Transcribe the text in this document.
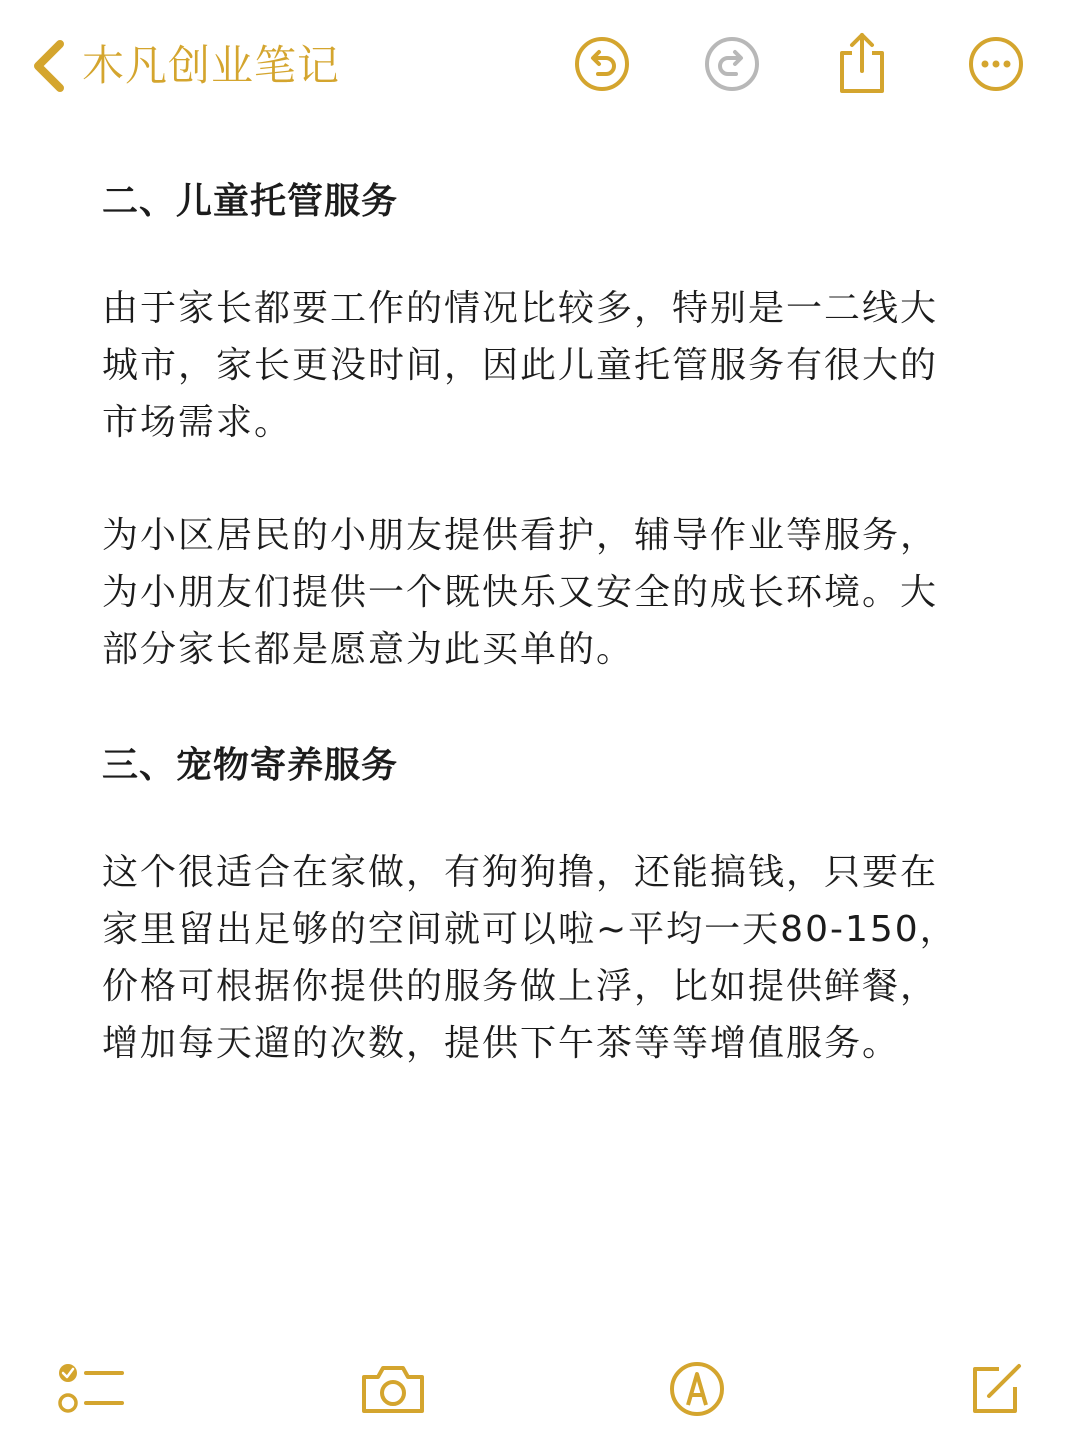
木凡创业笔记
二、儿童托管服务
由于家长都要工作的情况比较多，特别是一二线大城市，家长更没时间，因此儿童托管服务有很大的市场需求。
为小区居民的小朋友提供看护，辅导作业等服务，为小朋友们提供一个既快乐又安全的成长环境。大部分家长都是愿意为此买单的。
三、宠物寄养服务
这个很适合在家做，有狗狗撸，还能搞钱，只要在家里留出足够的空间就可以啦~平均一天80-150，价格可根据你提供的服务做上浮，比如提供鲜餐，增加每天遛的次数，提供下午茶等等增值服务。
